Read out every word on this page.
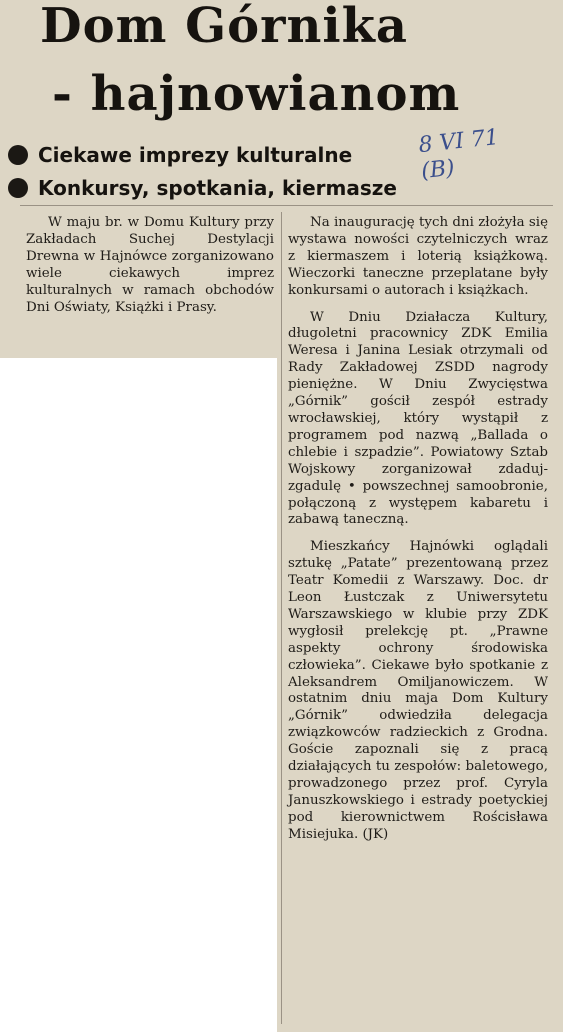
Dom Górnika
- hajnowianom
Ciekawe imprezy kulturalne
Konkursy, spotkania, kiermasze
8 VI 71
(B)

W maju br. w Domu Kultury przy Zakładach Suchej Destylacji Drewna w Hajnówce zorganizowano wiele ciekawych imprez kulturalnych w ramach obchodów Dni Oświaty, Książki i Prasy.

Na inaugurację tych dni złożyła się wystawa nowości czytelniczych wraz z kiermaszem i loterią książkową. Wieczorki taneczne przeplatane były konkursami o autorach i książkach.

W Dniu Działacza Kultury, długoletni pracownicy ZDK Emilia Weresa i Janina Lesiak otrzymali od Rady Zakładowej ZSDD nagrody pieniężne. W Dniu Zwycięstwa „Górnik” gościł zespół estrady wrocławskiej, który wystąpił z programem pod nazwą „Ballada o chlebie i szpadzie”. Powiatowy Sztab Wojskowy zorganizował zdaduj-zgadulę • powszechnej samoobronie, połączoną z występem kabaretu i zabawą taneczną.

Mieszkańcy Hajnówki oglądali sztukę „Patate” prezentowaną przez Teatr Komedii z Warszawy. Doc. dr Leon Łustczak z Uniwersytetu Warszawskiego w klubie przy ZDK wygłosił prelekcję pt. „Prawne aspekty ochrony środowiska człowieka”. Ciekawe było spotkanie z Aleksandrem Omiljanowiczem. W ostatnim dniu maja Dom Kultury „Górnik” odwiedziła delegacja związkowców radzieckich z Grodna. Goście zapoznali się z pracą działających tu zespołów: baletowego, prowadzonego przez prof. Cyryla Januszkowskiego i estrady poetyckiej pod kierownictwem Rościsława Misiejuka. (JK)
